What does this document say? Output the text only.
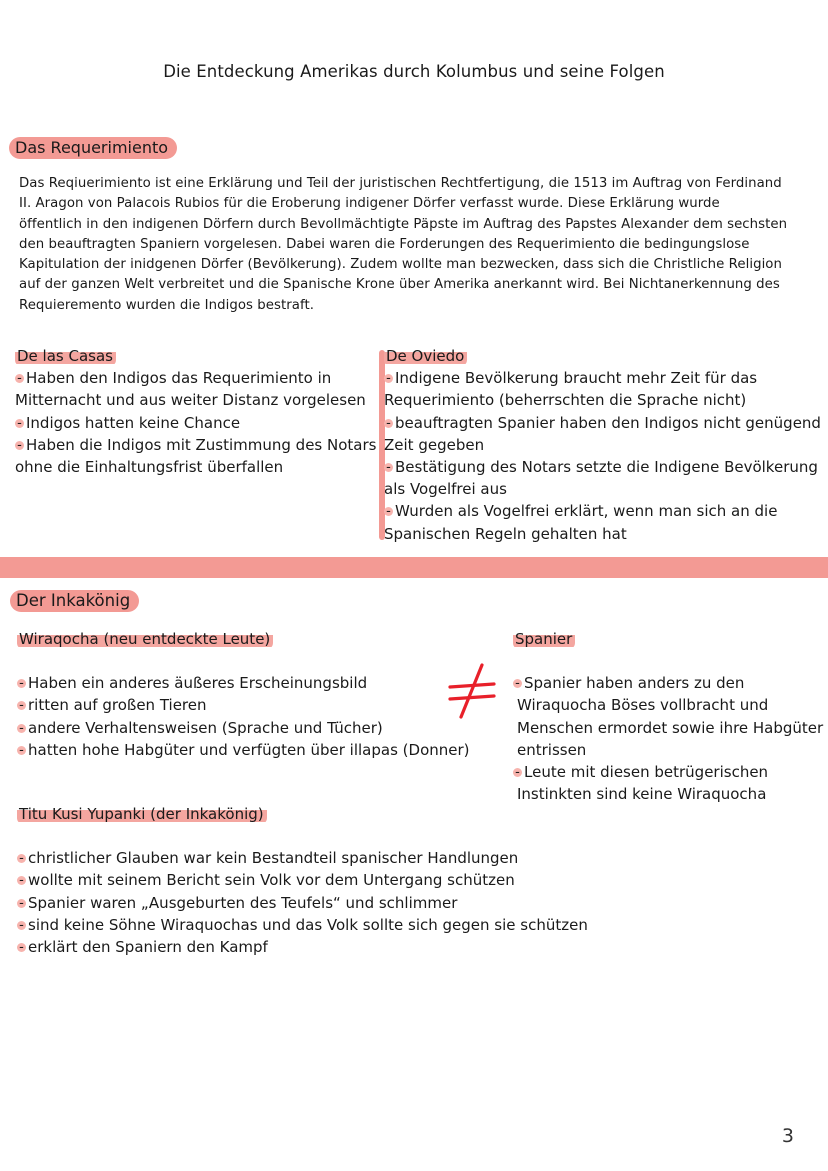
Die Entdeckung Amerikas durch Kolumbus und seine Folgen
Das Requerimiento
Das Reqiuerimiento ist eine Erklärung und Teil der juristischen Rechtfertigung, die 1513 im Auftrag von Ferdinand
II. Aragon von Palacois Rubios für die Eroberung indigener Dörfer verfasst wurde. Diese Erklärung wurde
öffentlich in den indigenen Dörfern durch Bevollmächtigte Päpste im Auftrag des Papstes Alexander dem sechsten
den beauftragten Spaniern vorgelesen. Dabei waren die Forderungen des Requerimiento die bedingungslose
Kapitulation der inidgenen Dörfer (Bevölkerung). Zudem wollte man bezwecken, dass sich die Christliche Religion
auf der ganzen Welt verbreitet und die Spanische Krone über Amerika anerkannt wird. Bei Nichtanerkennung des
Requieremento wurden die Indigos bestraft.
De las Casas
- Haben den Indigos das Requerimiento in
Mitternacht und aus weiter Distanz vorgelesen
- Indigos hatten keine Chance
- Haben die Indigos mit Zustimmung des Notars
ohne die Einhaltungsfrist überfallen
De Oviedo
- Indigene Bevölkerung braucht mehr Zeit für das
Requerimiento (beherrschten die Sprache nicht)
- beauftragten Spanier haben den Indigos nicht genügend
Zeit gegeben
- Bestätigung des Notars setzte die Indigene Bevölkerung
als Vogelfrei aus
- Wurden als Vogelfrei erklärt, wenn man sich an die
Spanischen Regeln gehalten hat
Der Inkakönig
Wiraqocha (neu entdeckte Leute)
- Haben ein anderes äußeres Erscheinungsbild
- ritten auf großen Tieren
- andere Verhaltensweisen (Sprache und Tücher)
- hatten hohe Habgüter und verfügten über illapas (Donner)
Spanier
- Spanier haben anders zu den
Wiraquocha Böses vollbracht und
Menschen ermordet sowie ihre Habgüter
entrissen
- Leute mit diesen betrügerischen
Instinkten sind keine Wiraquocha
Titu Kusi Yupanki (der Inkakönig)
- christlicher Glauben war kein Bestandteil spanischer Handlungen
- wollte mit seinem Bericht sein Volk vor dem Untergang schützen
- Spanier waren „Ausgeburten des Teufels“ und schlimmer
- sind keine Söhne Wiraquochas und das Volk sollte sich gegen sie schützen
- erklärt den Spaniern den Kampf
3
